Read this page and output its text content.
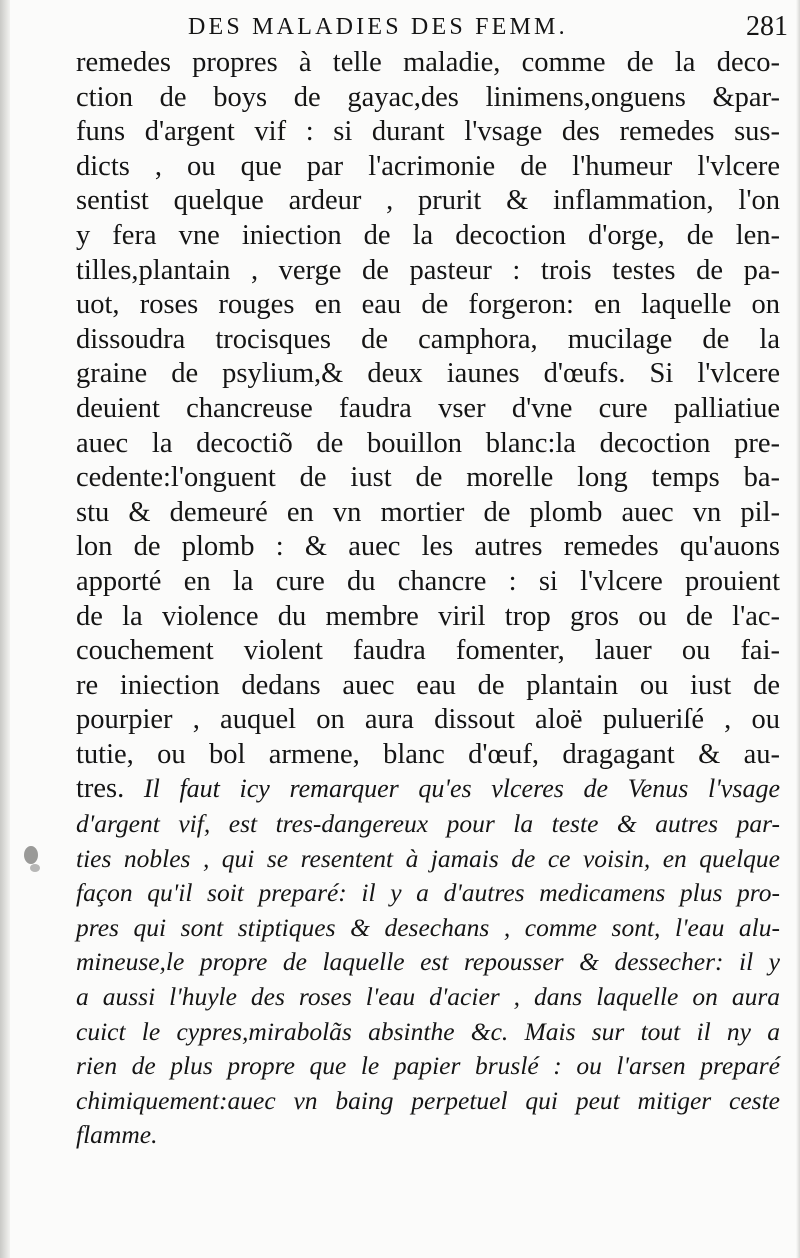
DES MALADIES DES FEMM.	281
remedes propres à telle maladie, comme de la deco-
ction de boys de gayac,des linimens,onguens &par-
funs d'argent vif : si durant l'vsage des remedes sus-
dicts , ou que par l'acrimonie de l'humeur l'vlcere
sentist quelque ardeur , prurit & inflammation, l'on
y fera vne iniection de la decoction d'orge, de len-
tilles,plantain , verge de pasteur : trois testes de pa-
uot, roses rouges en eau de forgeron: en laquelle on
dissoudra trocisques de camphora, mucilage de la
graine de psylium,& deux iaunes d'œufs. Si l'vlcere
deuient chancreuse faudra vser d'vne cure palliatiue
auec la decoctiõ de bouillon blanc:la decoction pre-
cedente:l'onguent de iust de morelle long temps ba-
stu & demeuré en vn mortier de plomb auec vn pil-
lon de plomb : & auec les autres remedes qu'auons
apporté en la cure du chancre : si l'vlcere prouient
de la violence du membre viril trop gros ou de l'ac-
couchement violent faudra fomenter, lauer ou fai-
re iniection dedans auec eau de plantain ou iust de
pourpier , auquel on aura dissout aloë pulueriſé , ou
tutie, ou bol armene, blanc d'œuf, dragagant & au-
tres. Il faut icy remarquer qu'es vlceres de Venus l'vsage
d'argent vif, est tres-dangereux pour la teste & autres par-
ties nobles , qui se resentent à jamais de ce voisin, en quelque
façon qu'il soit preparé: il y a d'autres medicamens plus pro-
pres qui sont stiptiques & desechans , comme sont, l'eau alu-
mineuse,le propre de laquelle est repousser & dessecher: il y
a aussi l'huyle des roses l'eau d'acier , dans laquelle on aura
cuict le cypres,mirabolãs absinthe &c. Mais sur tout il ny a
rien de plus propre que le papier bruslé : ou l'arsen preparé
chimiquement:auec vn baing perpetuel qui peut mitiger ceste
flamme.
